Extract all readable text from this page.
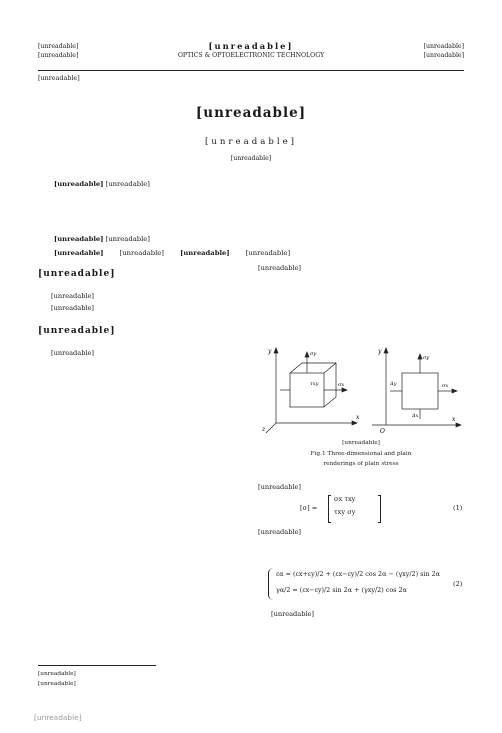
[unreadable]
[unreadable]
[unreadable]
OPTICS & OPTOELECTRONIC TECHNOLOGY
[unreadable]
[unreadable]
[unreadable]
[unreadable]
[unreadable]
[unreadable]
[unreadable] [unreadable]
[unreadable] [unreadable]
[unreadable] [unreadable] [unreadable] [unreadable]
[unreadable]

[unreadable]

[unreadable]

[unreadable]

[unreadable]

[unreadable]

y
x
z
σy
σx
τxy
y
x
O
σy
σx
Δx
Δy
[unreadable]
Fig.1 Three-dimensional and plain
renderings of plain stress
[unreadable]
[σ] =
σx τxy
τxy σy	(1)
[unreadable]
εα = (εx+εy)/2 + (εx−εy)/2 cos 2α − (γxy/2) sin 2α
γα/2 = (εx−εy)/2 sin 2α + (γxy/2) cos 2α
(2)
[unreadable]
[unreadable]
[unreadable]
[unreadable]
